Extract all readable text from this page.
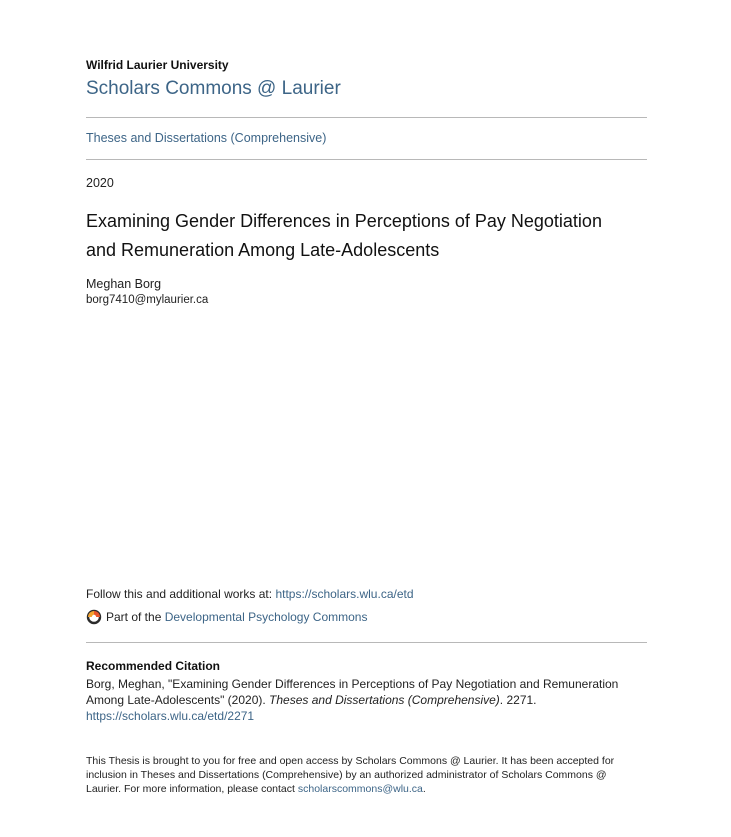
Wilfrid Laurier University
Scholars Commons @ Laurier
Theses and Dissertations (Comprehensive)
2020
Examining Gender Differences in Perceptions of Pay Negotiation
and Remuneration Among Late-Adolescents
Meghan Borg
borg7410@mylaurier.ca
Follow this and additional works at: https://scholars.wlu.ca/etd
Part of the
Developmental Psychology Commons
Recommended Citation
Borg, Meghan, "Examining Gender Differences in Perceptions of Pay Negotiation and Remuneration
Among Late-Adolescents" (2020). Theses and Dissertations (Comprehensive). 2271.
https://scholars.wlu.ca/etd/2271
This Thesis is brought to you for free and open access by Scholars Commons @ Laurier. It has been accepted for
inclusion in Theses and Dissertations (Comprehensive) by an authorized administrator of Scholars Commons @
Laurier. For more information, please contact scholarscommons@wlu.ca.
